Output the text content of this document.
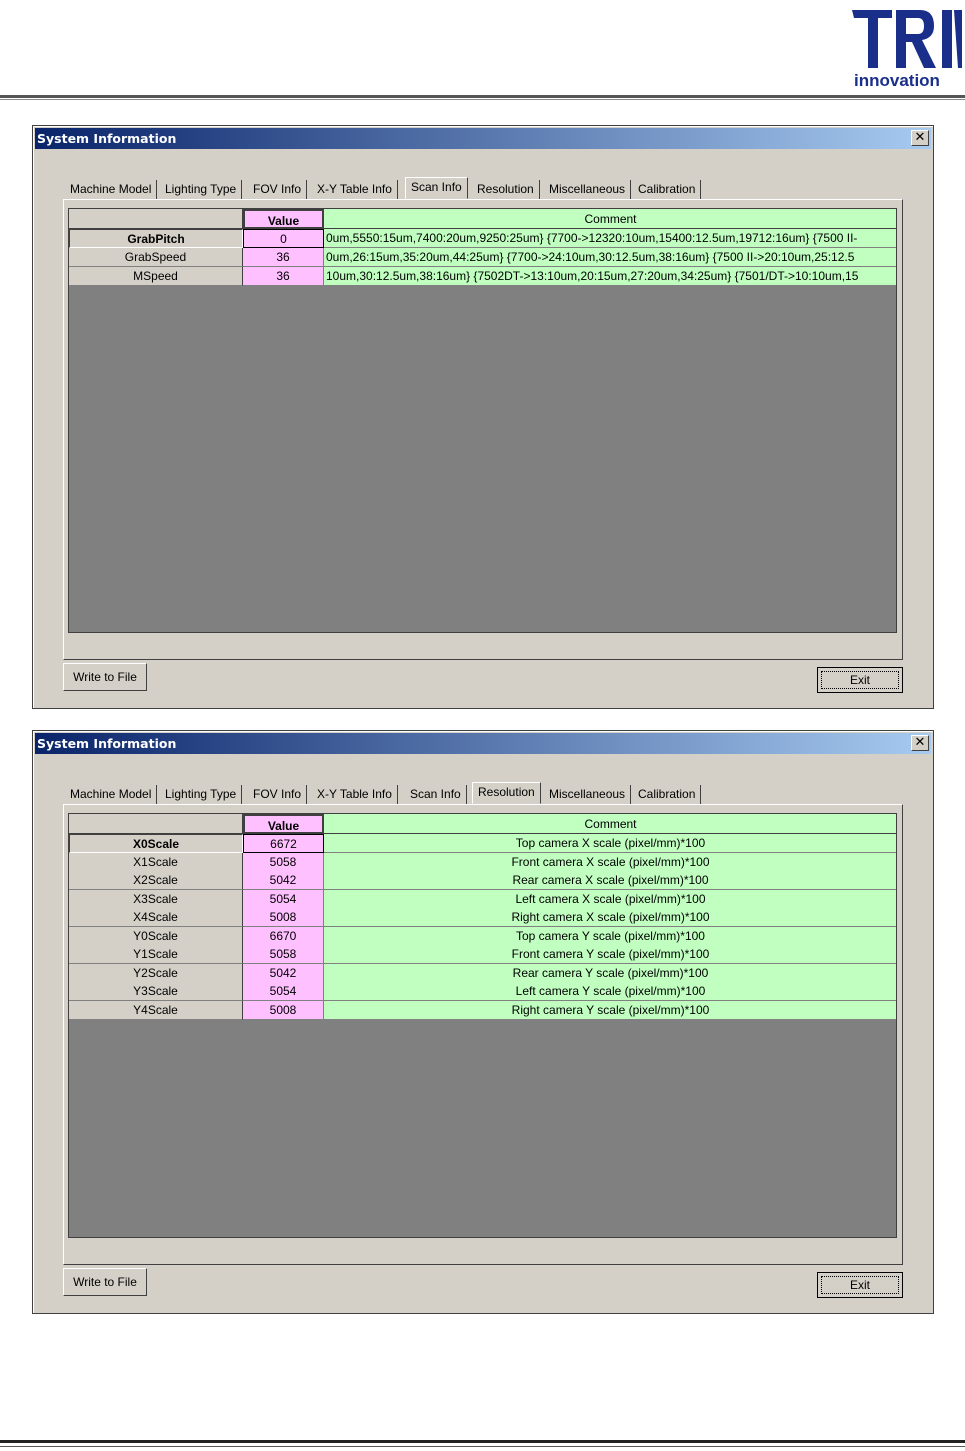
innovation
System Information	✕
Machine Model	Lighting Type	FOV Info	X-Y Table Info	Scan Info	Resolution	Miscellaneous	Calibration
Value	Comment
GrabPitch	0	0um,5550:15um,7400:20um,9250:25um} {7700->12320:10um,15400:12.5um,19712:16um} {7500 II-
GrabSpeed	36	0um,26:15um,35:20um,44:25um} {7700->24:10um,30:12.5um,38:16um} {7500 II->20:10um,25:12.5
MSpeed	36	10um,30:12.5um,38:16um} {7502DT->13:10um,20:15um,27:20um,34:25um} {7501/DT->10:10um,15
Write to File	Exit
System Information	✕
Machine Model	Lighting Type	FOV Info	X-Y Table Info	Scan Info	Resolution	Miscellaneous	Calibration
Value	Comment
X0Scale	6672	Top camera X scale (pixel/mm)*100
X1Scale	5058	Front camera X scale (pixel/mm)*100
X2Scale	5042	Rear camera X scale (pixel/mm)*100
X3Scale	5054	Left camera X scale (pixel/mm)*100
X4Scale	5008	Right camera X scale (pixel/mm)*100
Y0Scale	6670	Top camera Y scale (pixel/mm)*100
Y1Scale	5058	Front camera Y scale (pixel/mm)*100
Y2Scale	5042	Rear camera Y scale (pixel/mm)*100
Y3Scale	5054	Left camera Y scale (pixel/mm)*100
Y4Scale	5008	Right camera Y scale (pixel/mm)*100
Write to File	Exit
